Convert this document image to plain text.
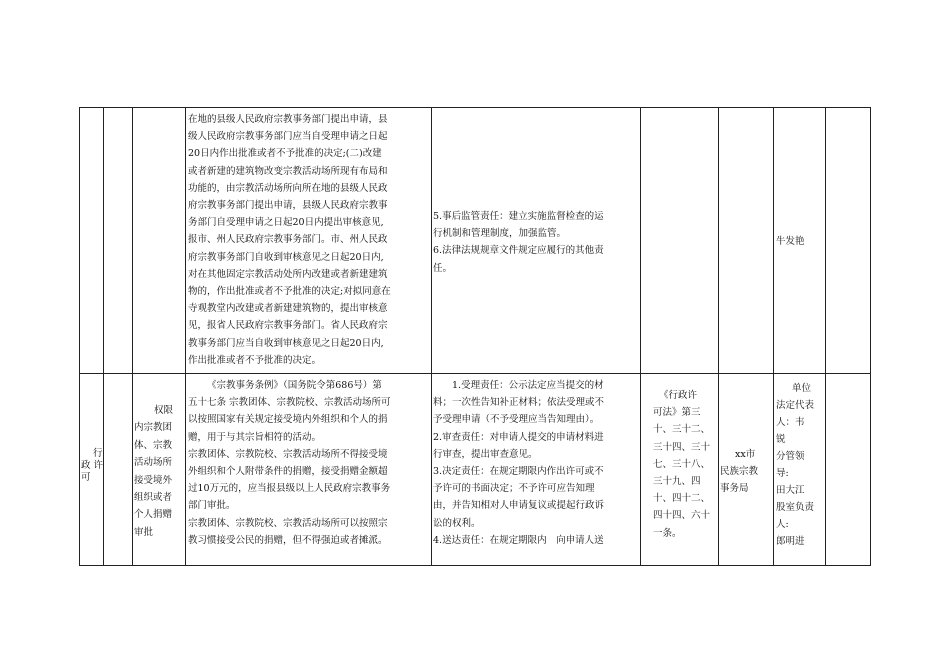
在地的县级人民政府宗教事务部门提出申请，县

级人民政府宗教事务部门应当自受理申请之日起

20日内作出批准或者不予批准的决定;(二)改建

或者新建的建筑物改变宗教活动场所现有布局和

功能的，由宗教活动场所向所在地的县级人民政

府宗教事务部门提出申请，县级人民政府宗教事

务部门自受理申请之日起20日内提出审核意见,

报市、州人民政府宗教事务部门。市、州人民政

府宗教事务部门自收到审核意见之日起20日内,

对在其他固定宗教活动处所内改建或者新建建筑

物的，作出批准或者不予批准的决定;对拟同意在

寺观教堂内改建或者新建建筑物的，提出审核意

见，报省人民政府宗教事务部门。省人民政府宗

教事务部门应当自收到审核意见之日起20日内,

作出批准或者不予批准的决定。

5.事后监管责任：建立实施监督检查的运

行机制和管理制度，加强监管。

6.法律法规规章文件规定应履行的其他责

任。

牛发艳

行

政 许

可

权限

内宗教团

体、宗教

活动场所

接受境外

组织或者

个人捐赠

审批

《宗教事务条例》（国务院令第686号）第

五十七条 宗教团体、宗教院校、宗教活动场所可

以按照国家有关规定接受境内外组织和个人的捐

赠，用于与其宗旨相符的活动。

宗教团体、宗教院校、宗教活动场所不得接受境

外组织和个人附带条件的捐赠，接受捐赠金额超

过10万元的，应当报县级以上人民政府宗教事务

部门审批。

宗教团体、宗教院校、宗教活动场所可以按照宗

教习惯接受公民的捐赠，但不得强迫或者摊派。

1.受理责任：公示法定应当提交的材

料；一次性告知补正材料；依法受理或不

予受理申请（不予受理应当告知理由）。

2.审查责任：对申请人提交的申请材料进

行审查，提出审查意见。

3.决定责任：在规定期限内作出许可或不

予许可的书面决定；不予许可应告知理

由，并告知相对人申请复议或提起行政诉

讼的权利。

4.送达责任：在规定期限内　向申请人送

《行政许

可法》第三

十、三十二、

三十四、三十

七、三十八、

三十九、四

十、四十二、

四十四、六十

一条。

xx市

民族宗教

事务局

单位

法定代表

人：韦

锐

分管领

导:

田大江

股室负责

人:

郎明进
